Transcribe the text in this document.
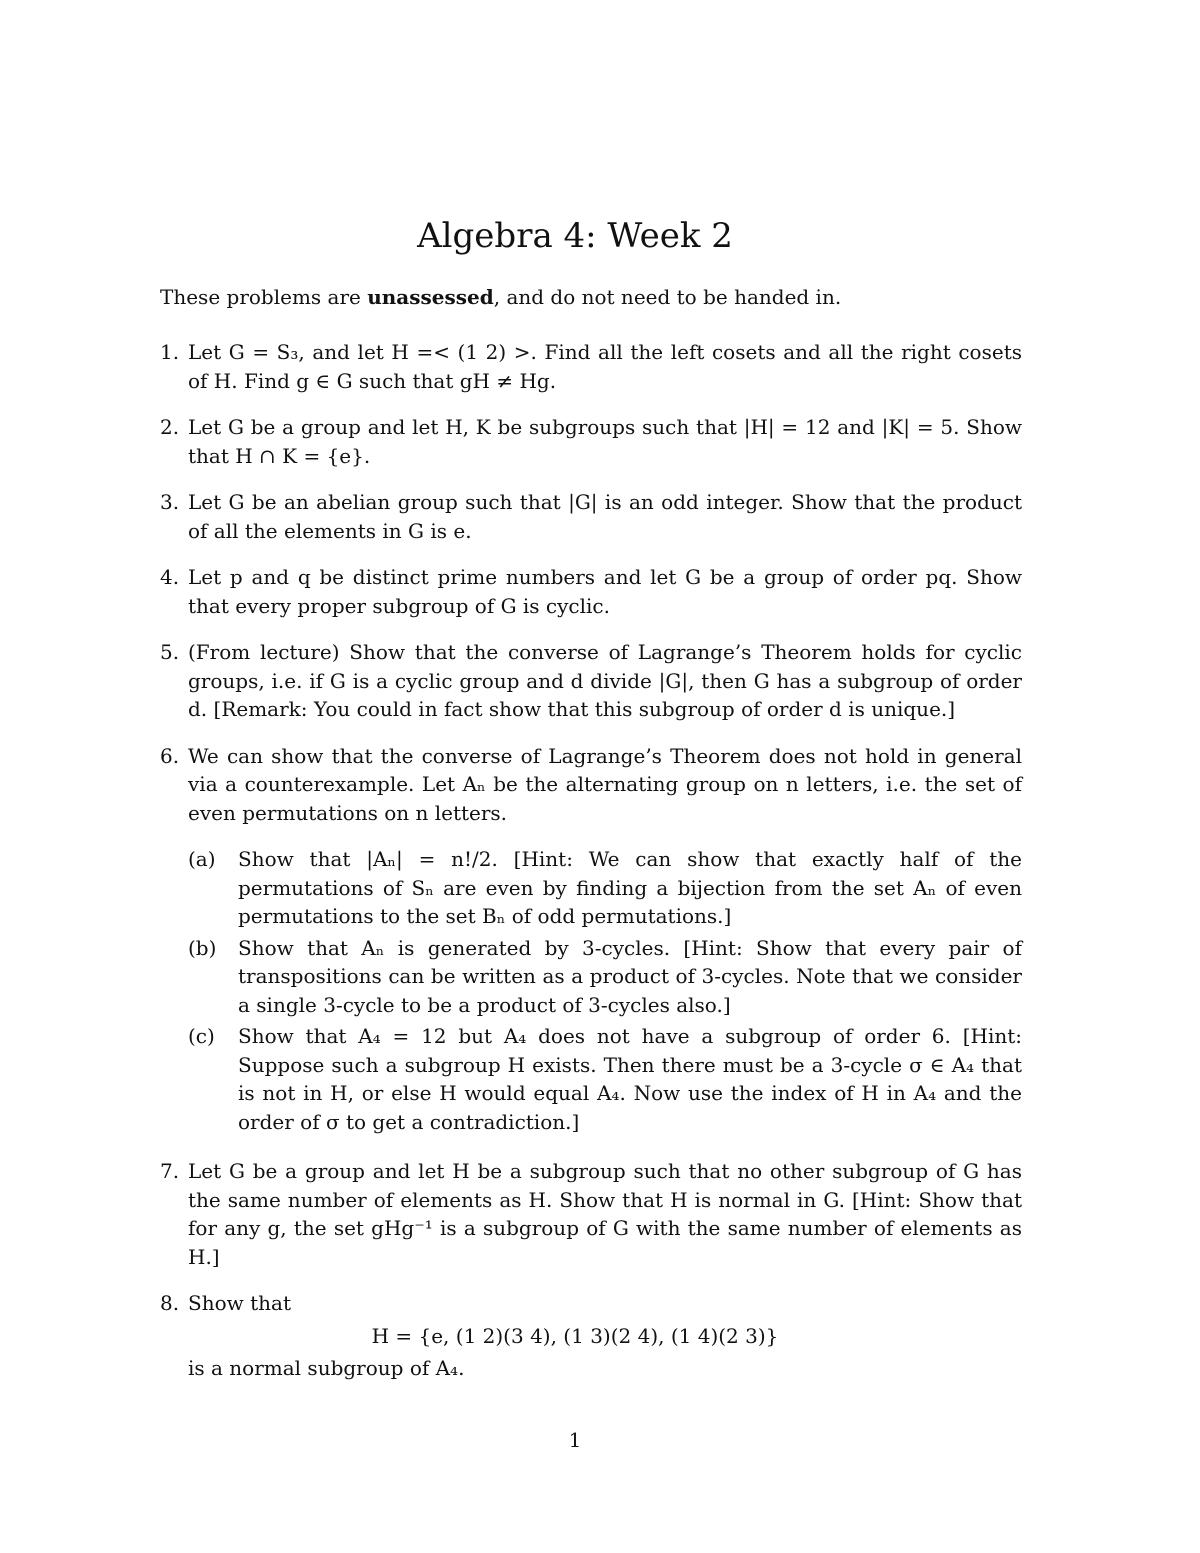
Algebra 4: Week 2
These problems are unassessed, and do not need to be handed in.
1. Let G = S₃, and let H =< (1 2) >. Find all the left cosets and all the right cosets of H. Find g ∈ G such that gH ≠ Hg.
2. Let G be a group and let H, K be subgroups such that |H| = 12 and |K| = 5. Show that H ∩ K = {e}.
3. Let G be an abelian group such that |G| is an odd integer. Show that the product of all the elements in G is e.
4. Let p and q be distinct prime numbers and let G be a group of order pq. Show that every proper subgroup of G is cyclic.
5. (From lecture) Show that the converse of Lagrange’s Theorem holds for cyclic groups, i.e. if G is a cyclic group and d divide |G|, then G has a subgroup of order d. [Remark: You could in fact show that this subgroup of order d is unique.]
6. We can show that the converse of Lagrange’s Theorem does not hold in general via a counterexample. Let Aₙ be the alternating group on n letters, i.e. the set of even permutations on n letters.
(a)	Show that |Aₙ| = n!/2. [Hint: We can show that exactly half of the permutations of Sₙ are even by finding a bijection from the set Aₙ of even permutations to the set Bₙ of odd permutations.]
(b)	Show that Aₙ is generated by 3-cycles. [Hint: Show that every pair of transpositions can be written as a product of 3-cycles. Note that we consider a single 3-cycle to be a product of 3-cycles also.]
(c)	Show that A₄ = 12 but A₄ does not have a subgroup of order 6. [Hint: Suppose such a subgroup H exists. Then there must be a 3-cycle σ ∈ A₄ that is not in H, or else H would equal A₄. Now use the index of H in A₄ and the order of σ to get a contradiction.]
7. Let G be a group and let H be a subgroup such that no other subgroup of G has the same number of elements as H. Show that H is normal in G. [Hint: Show that for any g, the set gHg⁻¹ is a subgroup of G with the same number of elements as H.]
8. Show that
H = {e, (1 2)(3 4), (1 3)(2 4), (1 4)(2 3)}
is a normal subgroup of A₄.
1
